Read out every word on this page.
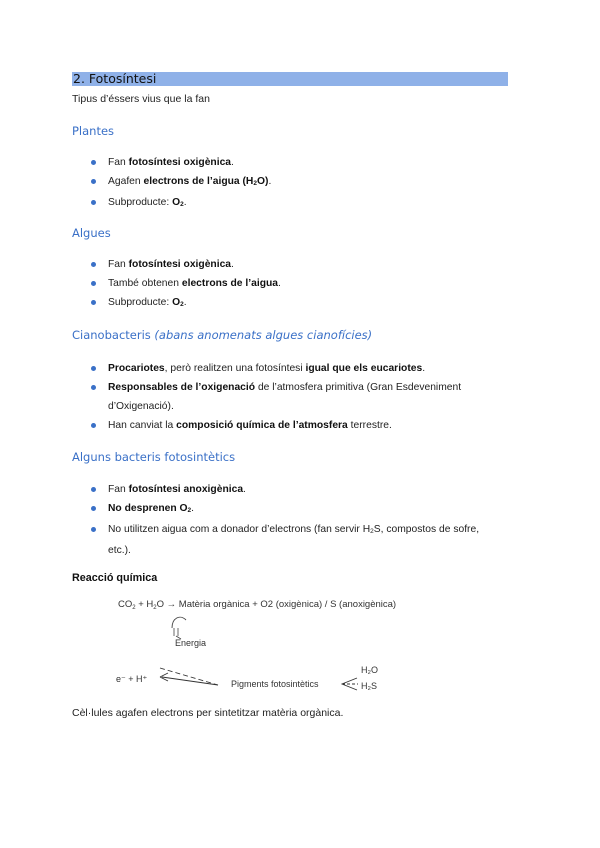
2. Fotosíntesi
Tipus d’éssers vius que la fan
Plantes
Fan fotosíntesi oxigènica.
Agafen electrons de l’aigua $(H_2O)$.
Subproducte: $O_2$.
Algues
Fan fotosíntesi oxigènica.
També obtenen electrons de l’aigua.
Subproducte: $O_2$.
Cianobacteris (abans anomenats algues cianofícies)
Procariotes, però realitzen una fotosíntesi igual que els eucariotes.
Responsables de l’oxigenació de l’atmosfera primitiva (Gran Esdeveniment
d’Oxigenació).
Han canviat la composició química de l’atmosfera terrestre.
Alguns bacteris fotosintètics
Fan fotosíntesi anoxigènica.
No desprenen $O_2$.
No utilitzen aigua com a donador d’electrons (fan servir $H_2S$, compostos de sofre,
etc.).
Reacció química
$CO_2 + H_2O$ → Matèria orgànica + O2 (oxigènica) / S (anoxigènica)
Energia
e⁻ + H⁺	Pigments fotosintètics
H₂O
H₂S
Cèl·lules agafen electrons per sintetitzar matèria orgànica.
